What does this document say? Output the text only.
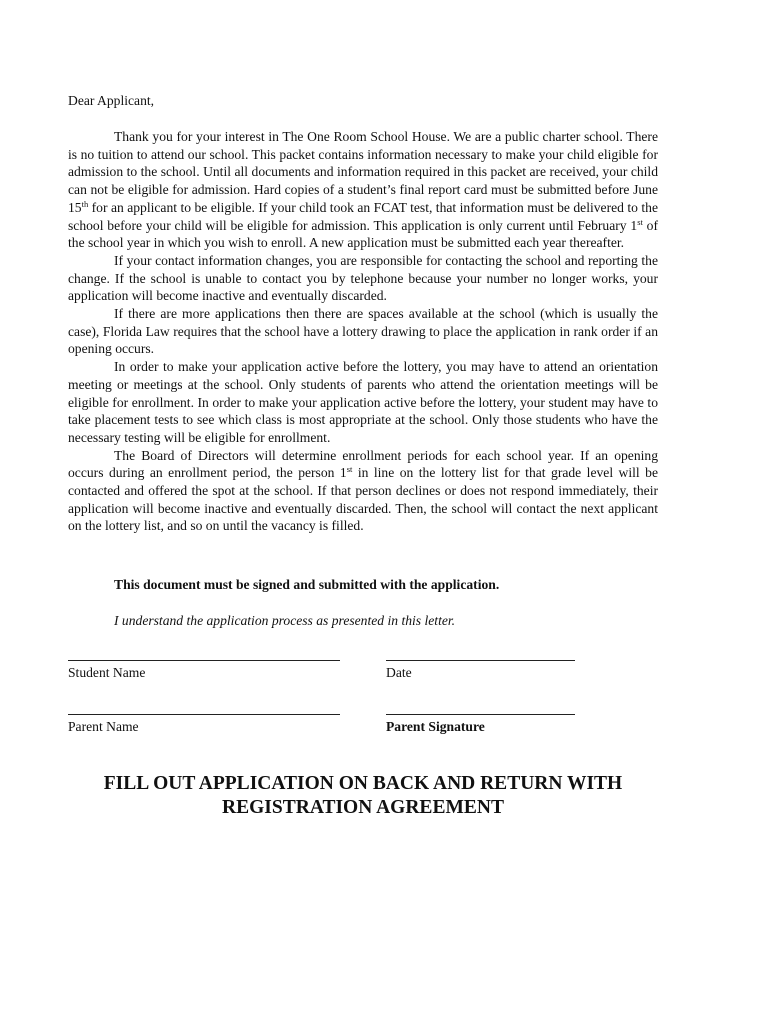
Dear Applicant,

Thank you for your interest in The One Room School House. We are a public charter school. There is no tuition to attend our school. This packet contains information necessary to make your child eligible for admission to the school. Until all documents and information required in this packet are received, your child can not be eligible for admission. Hard copies of a student’s final report card must be submitted before June 15th for an applicant to be eligible. If your child took an FCAT test, that information must be delivered to the school before your child will be eligible for admission. This application is only current until February 1st of the school year in which you wish to enroll. A new application must be submitted each year thereafter.

If your contact information changes, you are responsible for contacting the school and reporting the change. If the school is unable to contact you by telephone because your number no longer works, your application will become inactive and eventually discarded.

If there are more applications then there are spaces available at the school (which is usually the case), Florida Law requires that the school have a lottery drawing to place the application in rank order if an opening occurs.

In order to make your application active before the lottery, you may have to attend an orientation meeting or meetings at the school. Only students of parents who attend the orientation meetings will be eligible for enrollment. In order to make your application active before the lottery, your student may have to take placement tests to see which class is most appropriate at the school. Only those students who have the necessary testing will be eligible for enrollment.

The Board of Directors will determine enrollment periods for each school year. If an opening occurs during an enrollment period, the person 1st in line on the lottery list for that grade level will be contacted and offered the spot at the school. If that person declines or does not respond immediately, their application will become inactive and eventually discarded. Then, the school will contact the next applicant on the lottery list, and so on until the vacancy is filled.

This document must be signed and submitted with the application.
I understand the application process as presented in this letter.
Student Name	Date
Parent Name	Parent Signature
FILL OUT APPLICATION ON BACK AND RETURN WITH
REGISTRATION AGREEMENT
